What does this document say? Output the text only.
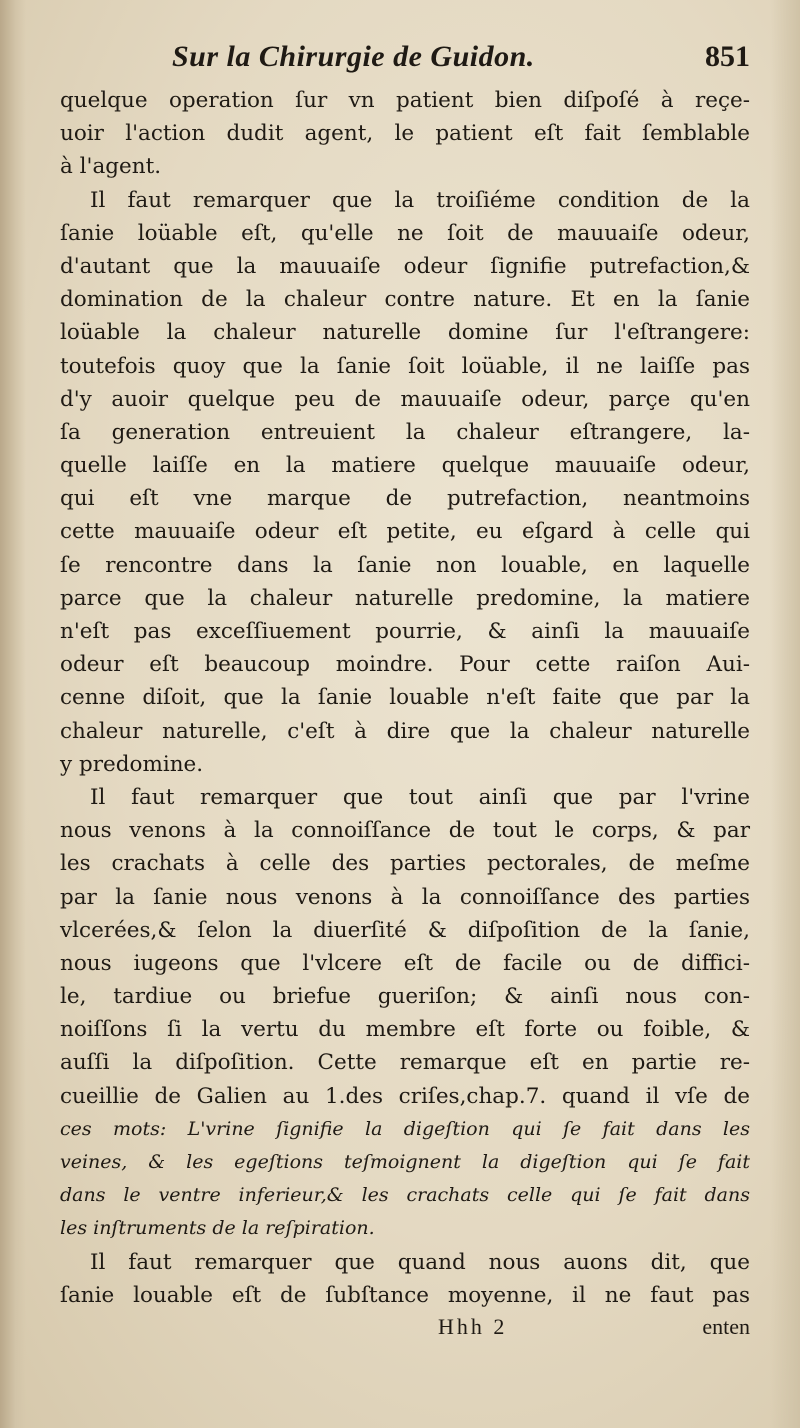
Sur la Chirurgie de Guidon.	851

quelque operation ſur vn patient bien diſpoſé à reçe-
uoir l'action dudit agent, le patient eſt fait ſemblable
à l'agent.

Il faut remarquer que la troiſiéme condition de la
ſanie loüable eſt, qu'elle ne ſoit de mauuaiſe odeur,
d'autant que la mauuaiſe odeur ſignifie putrefaction,&
domination de la chaleur contre nature. Et en la ſanie
loüable la chaleur naturelle domine ſur l'eſtrangere:
toutefois quoy que la ſanie ſoit loüable, il ne laiſſe pas
d'y auoir quelque peu de mauuaiſe odeur, parçe qu'en
ſa generation entreuient la chaleur eſtrangere, la-
quelle laiſſe en la matiere quelque mauuaiſe odeur,
qui eſt vne marque de putrefaction, neantmoins
cette mauuaiſe odeur eſt petite, eu eſgard à celle qui
ſe rencontre dans la ſanie non louable, en laquelle
parce que la chaleur naturelle predomine, la matiere
n'eſt pas exceſſiuement pourrie, & ainſi la mauuaiſe
odeur eſt beaucoup moindre. Pour cette raiſon Aui-
cenne diſoit, que la ſanie louable n'eſt faite que par la
chaleur naturelle, c'eſt à dire que la chaleur naturelle
y predomine.

Il faut remarquer que tout ainſi que par l'vrine
nous venons à la connoiſſance de tout le corps, & par
les crachats à celle des parties pectorales, de meſme
par la ſanie nous venons à la connoiſſance des parties
vlcerées,& ſelon la diuerſité & diſpoſition de la ſanie,
nous iugeons que l'vlcere eſt de facile ou de diffici-
le, tardiue ou briefue gueriſon; & ainſi nous con-
noiſſons ſi la vertu du membre eſt forte ou foible, &
auſſi la diſpoſition. Cette remarque eſt en partie re-
cueillie de Galien au 1.des criſes,chap.7. quand il vſe de

ces mots: L'vrine ſignifie la digeſtion qui ſe fait dans les
veines, & les egeſtions teſmoignent la digeſtion qui ſe fait
dans le ventre inferieur,& les crachats celle qui ſe fait dans
les inſtruments de la reſpiration.

Il faut remarquer que quand nous auons dit, que
ſanie louable eſt de ſubſtance moyenne, il ne faut pas

Hhh 2	enten
